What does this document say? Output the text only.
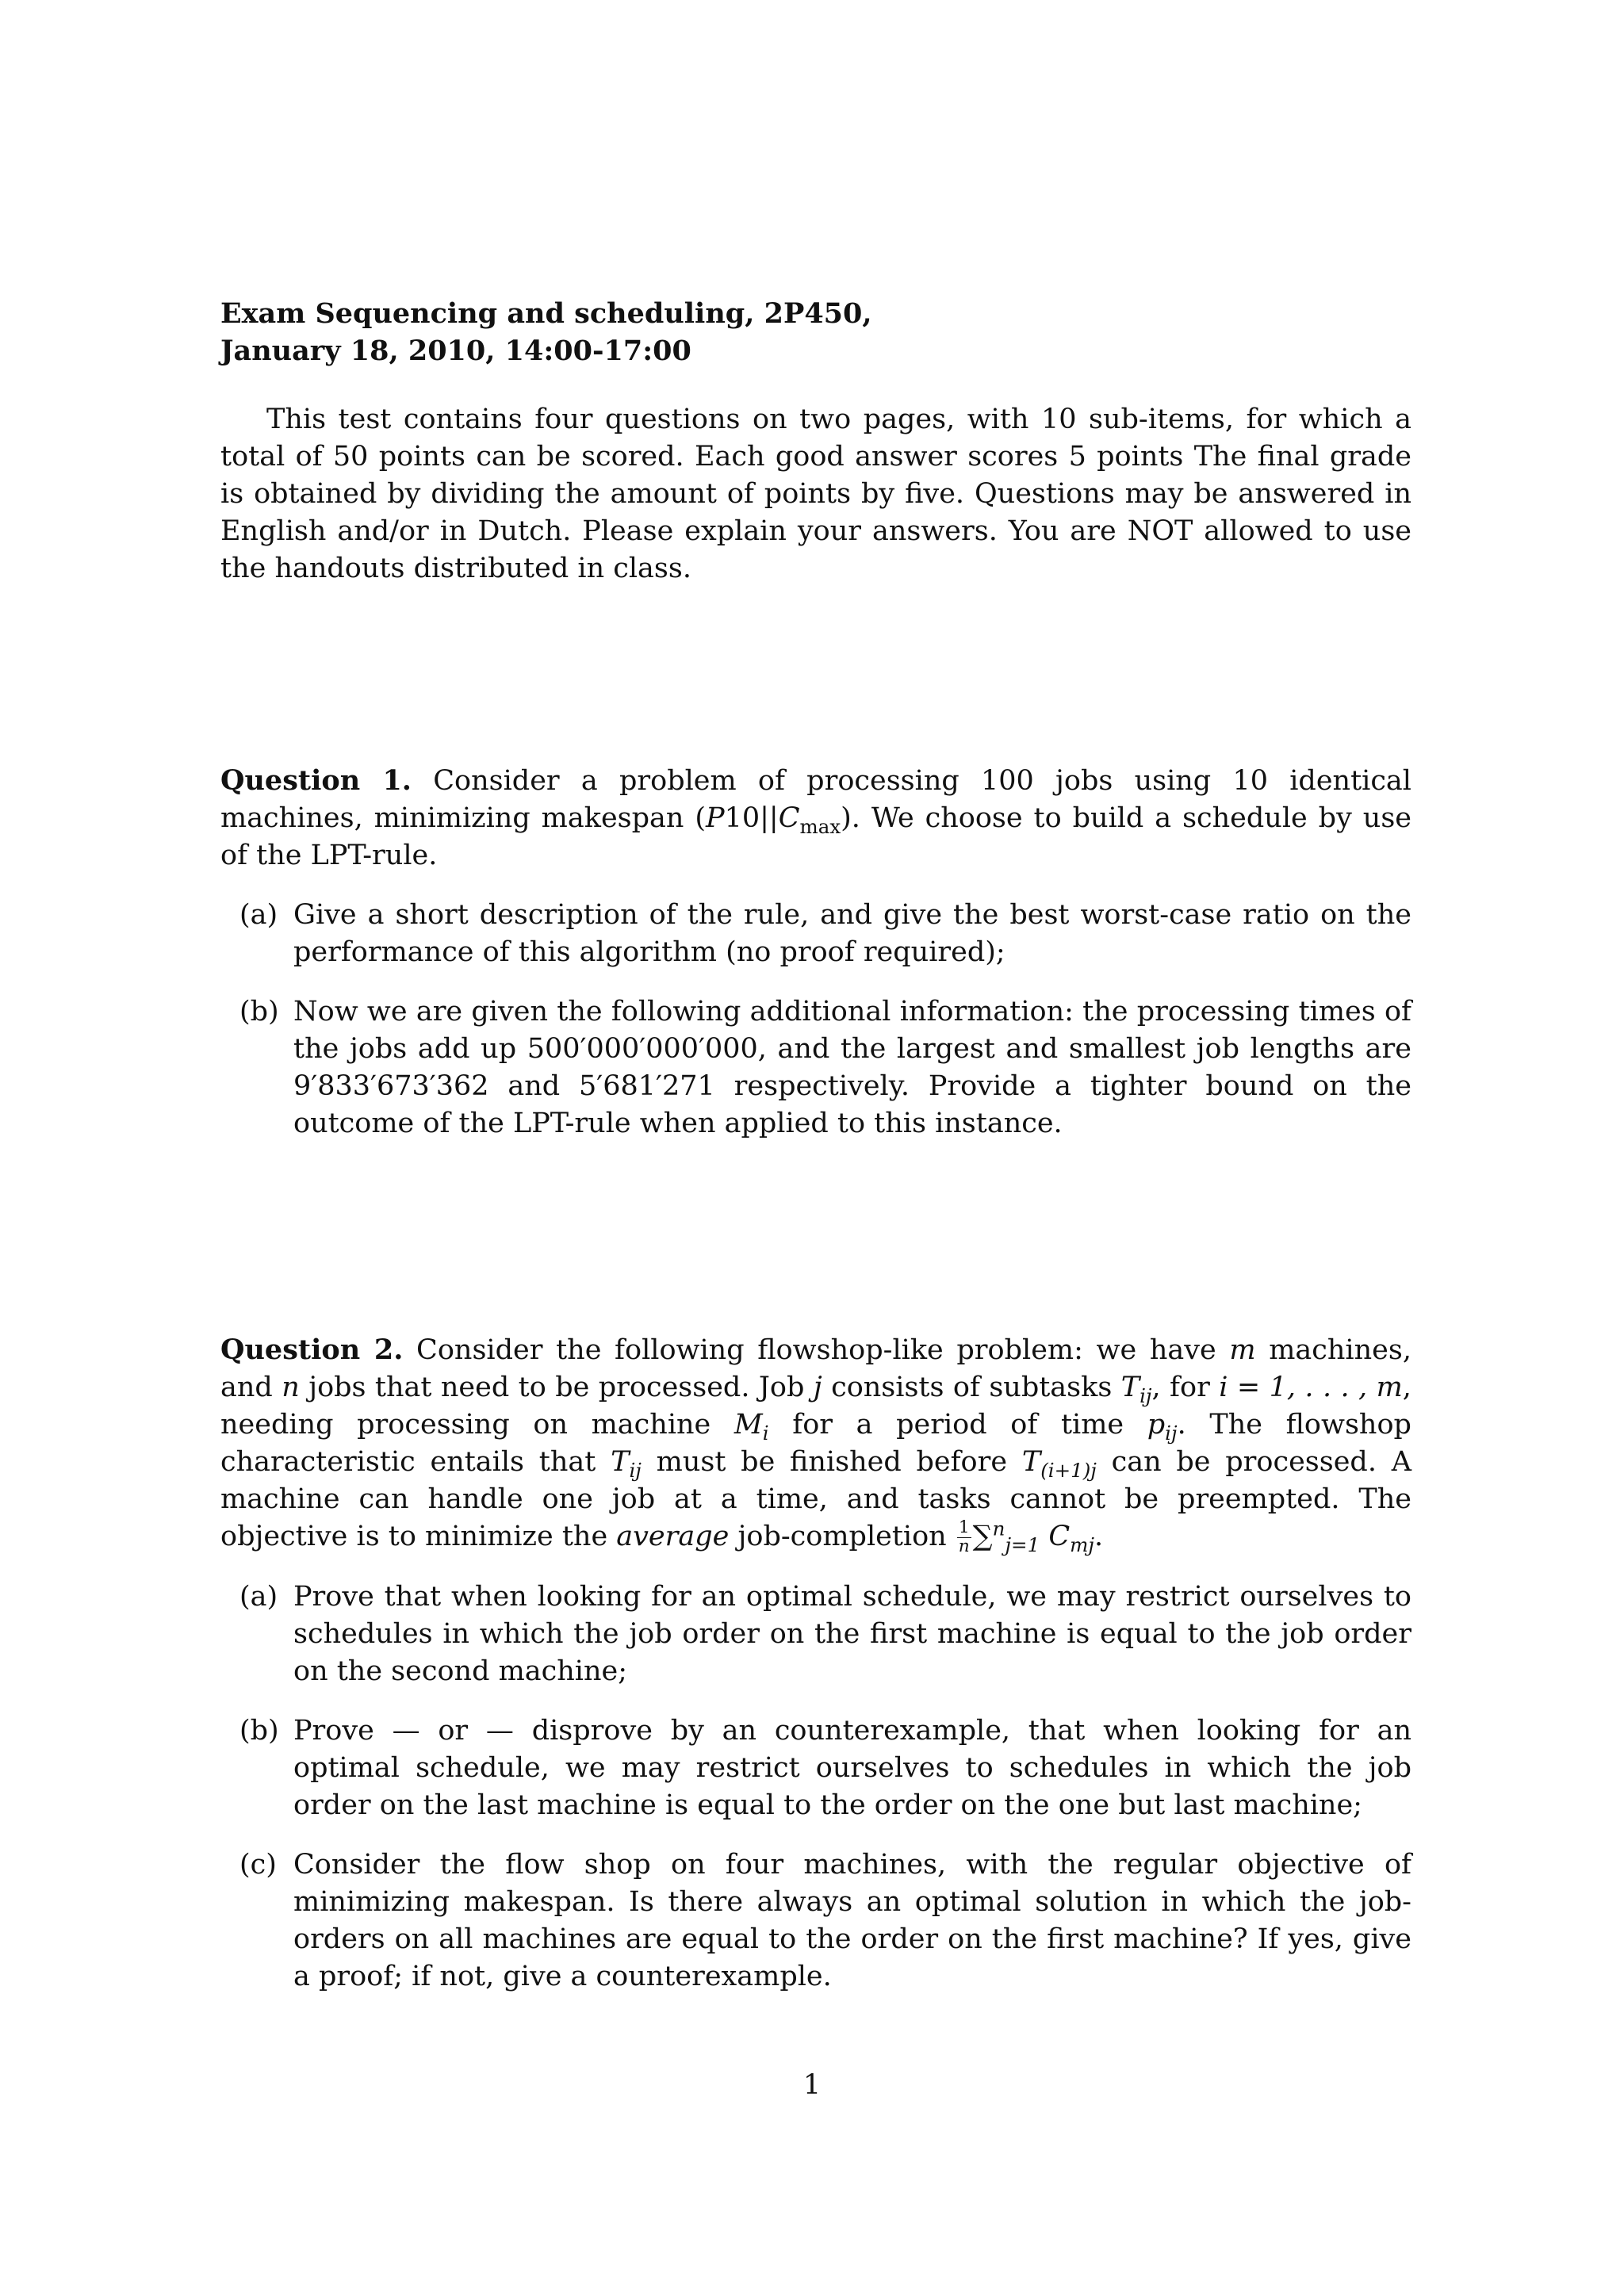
Exam Sequencing and scheduling, 2P450,
January 18, 2010, 14:00-17:00

This test contains four questions on two pages, with 10 sub-items, for which a total of 50 points can be scored. Each good answer scores 5 points The final grade is obtained by dividing the amount of points by five. Questions may be answered in English and/or in Dutch. Please explain your answers. You are NOT allowed to use the handouts distributed in class.

Question 1. Consider a problem of processing 100 jobs using 10 identical machines, minimizing makespan $(P10||C_{max})$. We choose to build a schedule by use of the LPT-rule.

(a) Give a short description of the rule, and give the best worst-case ratio on the performance of this algorithm (no proof required);
(b) Now we are given the following additional information: the processing times of the jobs add up 500′000′000′000, and the largest and smallest job lengths are 9′833′673′362 and 5′681′271 respectively. Provide a tighter bound on the outcome of the LPT-rule when applied to this instance.

Question 2. Consider the following flowshop-like problem: we have m machines, and n jobs that need to be processed. Job j consists of subtasks $T_{ij}$, for i = 1, . . . , m, needing processing on machine $M_i$ for a period of time $p_{ij}$. The flowshop characteristic entails that $T_{ij}$ must be finished before $T_{(i+1)j}$ can be processed. A machine can handle one job at a time, and tasks cannot be preempted. The objective is to minimize the average job-completion $\frac{1}{n} \sum^n_{j=1}$ $C_{mj}$.

(a) Prove that when looking for an optimal schedule, we may restrict ourselves to schedules in which the job order on the first machine is equal to the job order on the second machine;
(b) Prove — or — disprove by an counterexample, that when looking for an optimal schedule, we may restrict ourselves to schedules in which the job order on the last machine is equal to the order on the one but last machine;
(c) Consider the flow shop on four machines, with the regular objective of minimizing makespan. Is there always an optimal solution in which the job-orders on all machines are equal to the order on the first machine? If yes, give a proof; if not, give a counterexample.
1
